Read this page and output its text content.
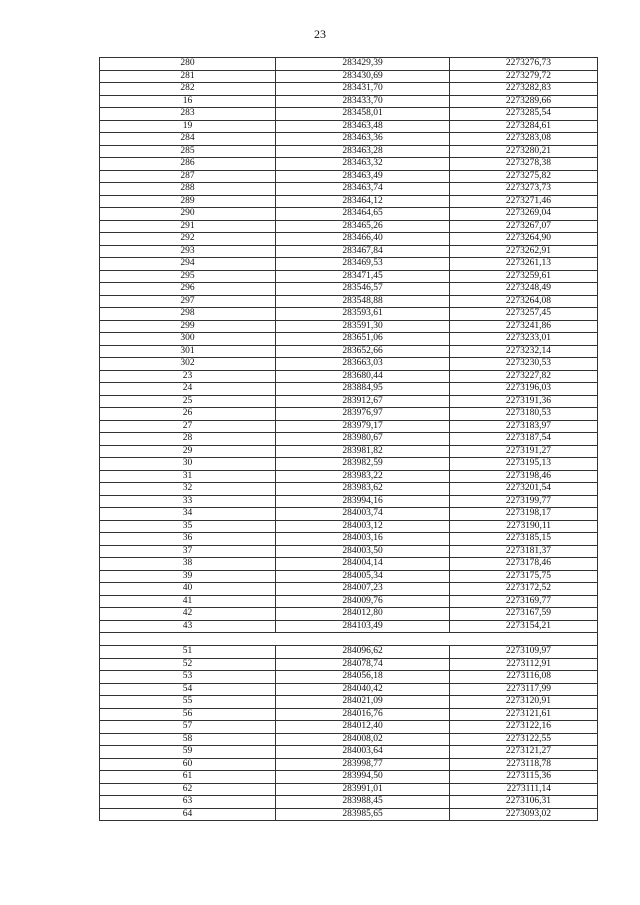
23
280	283429,39	2273276,73
281	283430,69	2273279,72
282	283431,70	2273282,83
16	283433,70	2273289,66
283	283458,01	2273285,54
19	283463,48	2273284,61
284	283463,36	2273283,08
285	283463,28	2273280,21
286	283463,32	2273278,38
287	283463,49	2273275,82
288	283463,74	2273273,73
289	283464,12	2273271,46
290	283464,65	2273269,04
291	283465,26	2273267,07
292	283466,40	2273264,90
293	283467,84	2273262,91
294	283469,53	2273261,13
295	283471,45	2273259,61
296	283546,57	2273248,49
297	283548,88	2273264,08
298	283593,61	2273257,45
299	283591,30	2273241,86
300	283651,06	2273233,01
301	283652,66	2273232,14
302	283663,03	2273230,53
23	283680,44	2273227,82
24	283884,95	2273196,03
25	283912,67	2273191,36
26	283976,97	2273180,53
27	283979,17	2273183,97
28	283980,67	2273187,54
29	283981,82	2273191,27
30	283982,59	2273195,13
31	283983,22	2273198,46
32	283983,62	2273201,54
33	283994,16	2273199,77
34	284003,74	2273198,17
35	284003,12	2273190,11
36	284003,16	2273185,15
37	284003,50	2273181,37
38	284004,14	2273178,46
39	284005,34	2273175,75
40	284007,23	2273172,52
41	284009,76	2273169,77
42	284012,80	2273167,59
43	284103,49	2273154,21

51	284096,62	2273109,97
52	284078,74	2273112,91
53	284056,18	2273116,08
54	284040,42	2273117,99
55	284021,09	2273120,91
56	284016,76	2273121,61
57	284012,40	2273122,16
58	284008,02	2273122,55
59	284003,64	2273121,27
60	283998,77	2273118,78
61	283994,50	2273115,36
62	283991,01	2273111,14
63	283988,45	2273106,31
64	283985,65	2273093,02
